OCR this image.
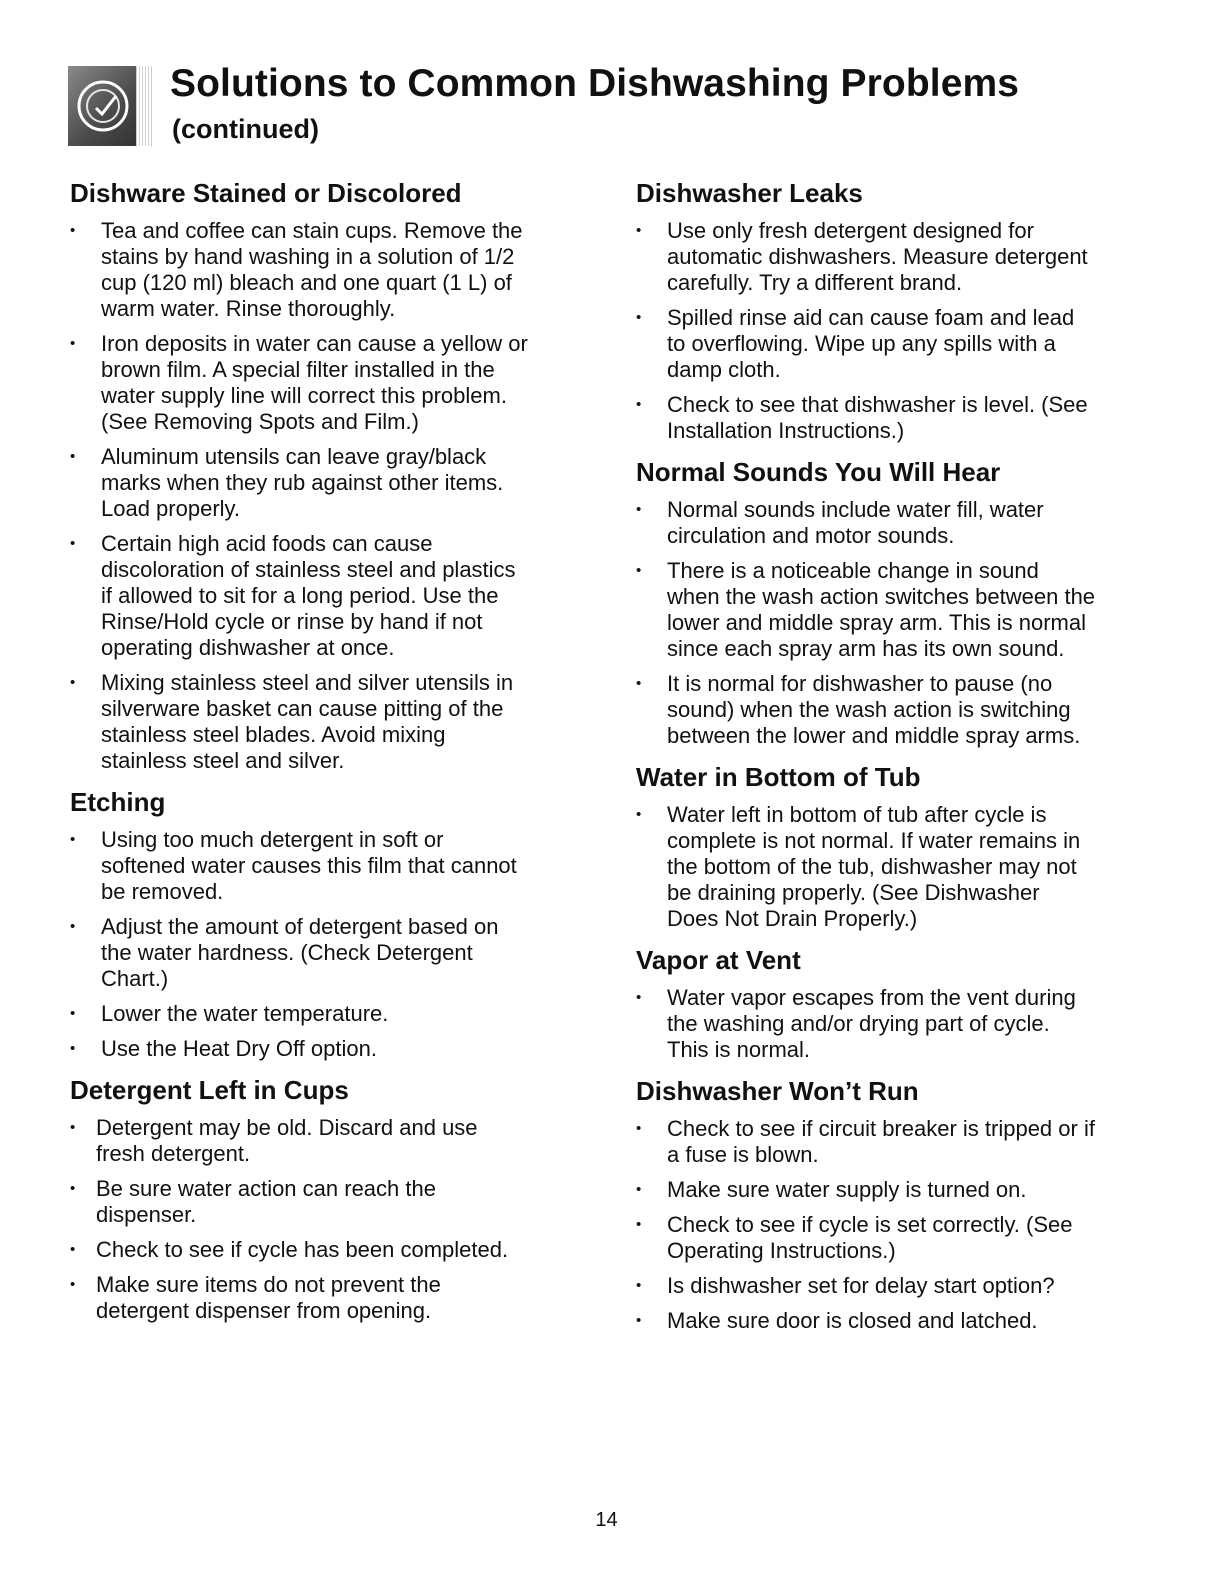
Solutions to Common Dishwashing Problems

(continued)

Dishware Stained or Discolored
• Tea and coffee can stain cups. Remove the
stains by hand washing in a solution of 1/2
cup (120 ml) bleach and one quart (1 L) of
warm water. Rinse thoroughly.
• Iron deposits in water can cause a yellow or
brown film. A special filter installed in the
water supply line will correct this problem.
(See Removing Spots and Film.)
• Aluminum utensils can leave gray/black
marks when they rub against other items.
Load properly.
• Certain high acid foods can cause
discoloration of stainless steel and plastics
if allowed to sit for a long period. Use the
Rinse/Hold cycle or rinse by hand if not
operating dishwasher at once.
• Mixing stainless steel and silver utensils in
silverware basket can cause pitting of the
stainless steel blades. Avoid mixing
stainless steel and silver.
Etching
• Using too much detergent in soft or
softened water causes this film that cannot
be removed.
• Adjust the amount of detergent based on
the water hardness. (Check Detergent
Chart.)
• Lower the water temperature.
• Use the Heat Dry Off option.
Detergent Left in Cups
• Detergent may be old. Discard and use
fresh detergent.
• Be sure water action can reach the
dispenser.
• Check to see if cycle has been completed.
• Make sure items do not prevent the
detergent dispenser from opening.
Dishwasher Leaks
• Use only fresh detergent designed for
automatic dishwashers. Measure detergent
carefully. Try a different brand.
• Spilled rinse aid can cause foam and lead
to overflowing. Wipe up any spills with a
damp cloth.
• Check to see that dishwasher is level. (See
Installation Instructions.)
Normal Sounds You Will Hear
• Normal sounds include water fill, water
circulation and motor sounds.
• There is a noticeable change in sound
when the wash action switches between the
lower and middle spray arm. This is normal
since each spray arm has its own sound.
• It is normal for dishwasher to pause (no
sound) when the wash action is switching
between the lower and middle spray arms.
Water in Bottom of Tub
• Water left in bottom of tub after cycle is
complete is not normal. If water remains in
the bottom of the tub, dishwasher may not
be draining properly. (See Dishwasher
Does Not Drain Properly.)
Vapor at Vent
• Water vapor escapes from the vent during
the washing and/or drying part of cycle.
This is normal.
Dishwasher Won’t Run
• Check to see if circuit breaker is tripped or if
a fuse is blown.
• Make sure water supply is turned on.
• Check to see if cycle is set correctly. (See
Operating Instructions.)
• Is dishwasher set for delay start option?
• Make sure door is closed and latched.
14
